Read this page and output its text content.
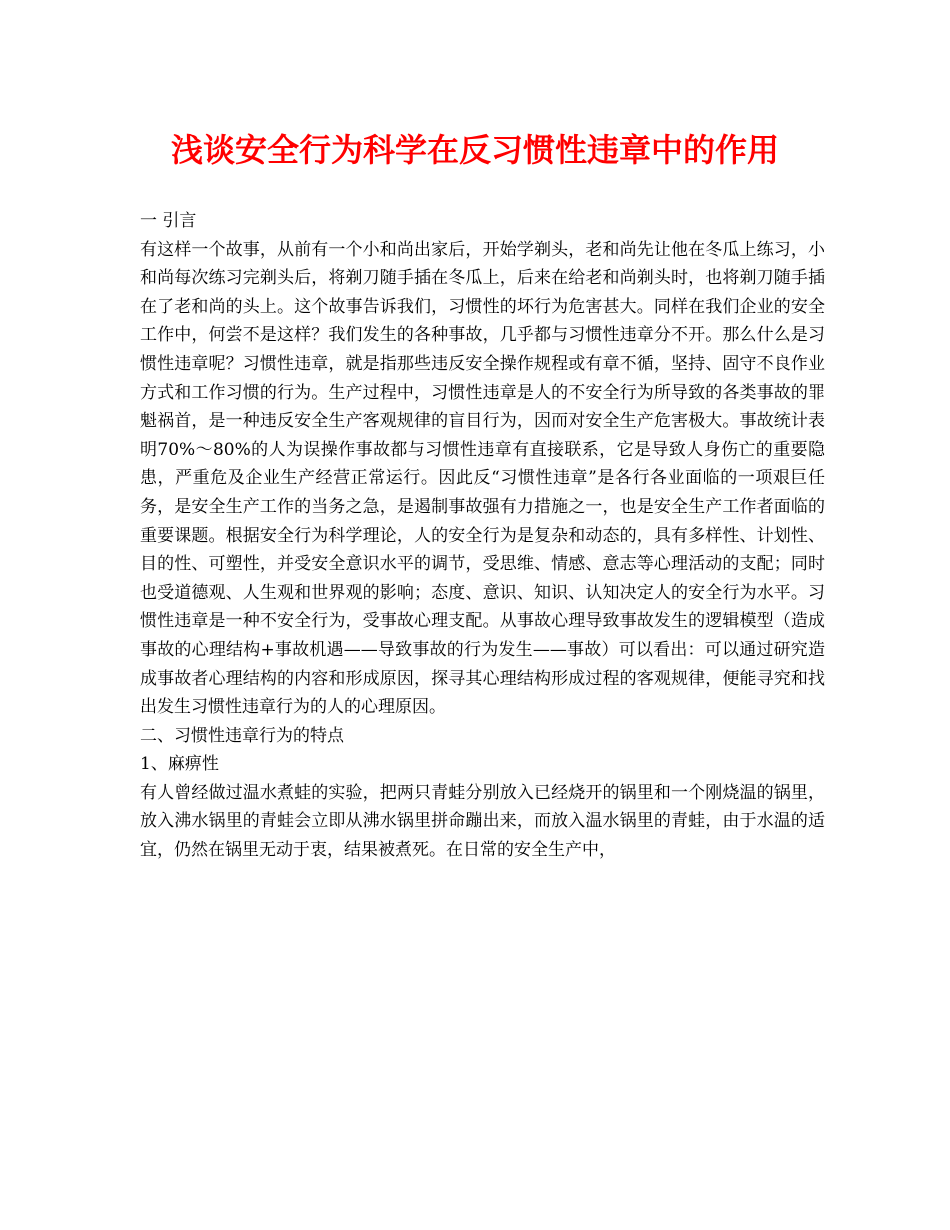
浅谈安全行为科学在反习惯性违章中的作用
一 引言

有这样一个故事，从前有一个小和尚出家后，开始学剃头，老和尚先让他在冬瓜上练习，小和尚每次练习完剃头后，将剃刀随手插在冬瓜上，后来在给老和尚剃头时，也将剃刀随手插在了老和尚的头上。这个故事告诉我们，习惯性的坏行为危害甚大。同样在我们企业的安全工作中，何尝不是这样？我们发生的各种事故，几乎都与习惯性违章分不开。那么什么是习惯性违章呢？习惯性违章，就是指那些违反安全操作规程或有章不循，坚持、固守不良作业方式和工作习惯的行为。生产过程中，习惯性违章是人的不安全行为所导致的各类事故的罪魁祸首，是一种违反安全生产客观规律的盲目行为，因而对安全生产危害极大。事故统计表明70%～80%的人为误操作事故都与习惯性违章有直接联系，它是导致人身伤亡的重要隐患，严重危及企业生产经营正常运行。因此反“习惯性违章”是各行各业面临的一项艰巨任务，是安全生产工作的当务之急，是遏制事故强有力措施之一，也是安全生产工作者面临的重要课题。根据安全行为科学理论，人的安全行为是复杂和动态的，具有多样性、计划性、目的性、可塑性，并受安全意识水平的调节，受思维、情感、意志等心理活动的支配；同时也受道德观、人生观和世界观的影响；态度、意识、知识、认知决定人的安全行为水平。习惯性违章是一种不安全行为，受事故心理支配。从事故心理导致事故发生的逻辑模型（造成事故的心理结构+事故机遇——导致事故的行为发生——事故）可以看出：可以通过研究造成事故者心理结构的内容和形成原因，探寻其心理结构形成过程的客观规律，便能寻究和找出发生习惯性违章行为的人的心理原因。

二、习惯性违章行为的特点
1、麻痹性

有人曾经做过温水煮蛙的实验，把两只青蛙分别放入已经烧开的锅里和一个刚烧温的锅里，放入沸水锅里的青蛙会立即从沸水锅里拼命蹦出来，而放入温水锅里的青蛙，由于水温的适宜，仍然在锅里无动于衷，结果被煮死。在日常的安全生产中，
